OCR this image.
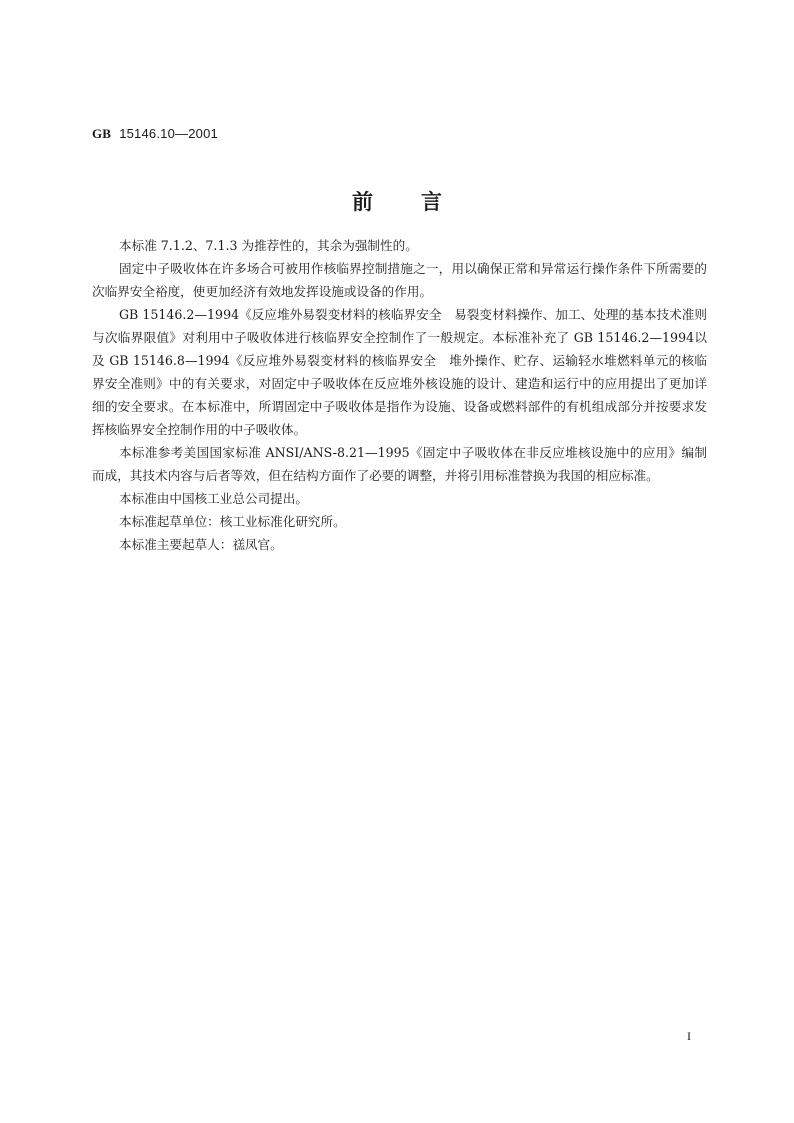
GB 15146.10—2001
前言

本标准 7.1.2、7.1.3 为推荐性的，其余为强制性的。

固定中子吸收体在许多场合可被用作核临界控制措施之一，用以确保正常和异常运行操作条件下所需要的次临界安全裕度，使更加经济有效地发挥设施或设备的作用。

GB 15146.2—1994《反应堆外易裂变材料的核临界安全　易裂变材料操作、加工、处理的基本技术准则与次临界限值》对利用中子吸收体进行核临界安全控制作了一般规定。本标准补充了 GB 15146.2—1994以及 GB 15146.8—1994《反应堆外易裂变材料的核临界安全　堆外操作、贮存、运输轻水堆燃料单元的核临界安全准则》中的有关要求，对固定中子吸收体在反应堆外核设施的设计、建造和运行中的应用提出了更加详细的安全要求。在本标准中，所谓固定中子吸收体是指作为设施、设备或燃料部件的有机组成部分并按要求发挥核临界安全控制作用的中子吸收体。

本标准参考美国国家标准 ANSI/ANS-8.21—1995《固定中子吸收体在非反应堆核设施中的应用》编制而成，其技术内容与后者等效，但在结构方面作了必要的调整，并将引用标准替换为我国的相应标准。

本标准由中国核工业总公司提出。

本标准起草单位：核工业标准化研究所。

本标准主要起草人：禚凤官。

I
